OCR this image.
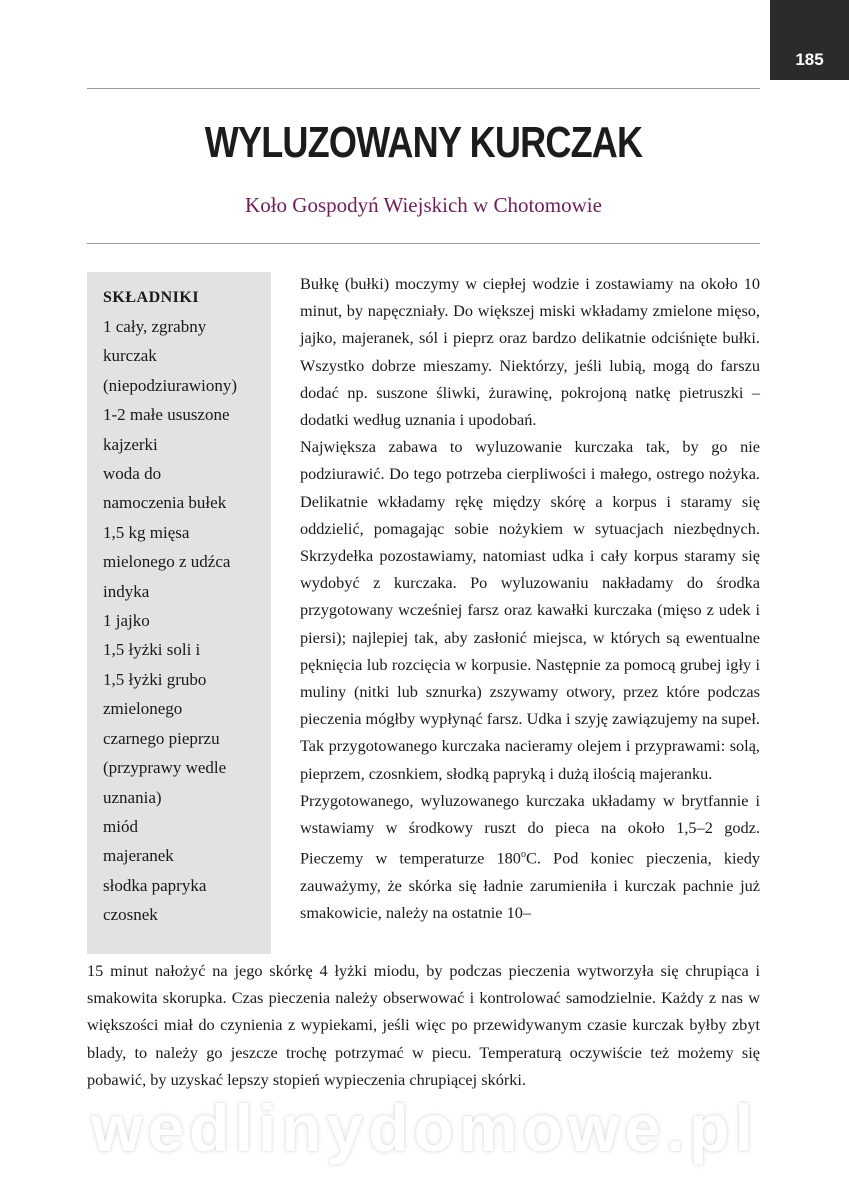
185
WYLUZOWANY KURCZAK
Koło Gospodyń Wiejskich w Chotomowie
SKŁADNIKI
1 cały, zgrabny
kurczak
(niepodziurawiony)
1-2 małe ususzone
kajzerki
woda do
namoczenia bułek
1,5 kg mięsa
mielonego z udźca
indyka
1 jajko
1,5 łyżki soli i
1,5 łyżki grubo
zmielonego
czarnego pieprzu
(przyprawy wedle
uznania)
miód
majeranek
słodka papryka
czosnek

Bułkę (bułki) moczymy w ciepłej wodzie i zostawiamy na około 10 minut, by napęczniały. Do większej miski wkładamy zmielone mięso, jajko, majeranek, sól i pieprz oraz bardzo delikatnie odciśnięte bułki. Wszystko dobrze mieszamy. Niektórzy, jeśli lubią, mogą do farszu dodać np. suszone śliwki, żurawinę, pokrojoną natkę pietruszki – dodatki według uznania i upodobań.

Największa zabawa to wyluzowanie kurczaka tak, by go nie podziurawić. Do tego potrzeba cierpliwości i małego, ostrego nożyka. Delikatnie wkładamy rękę między skórę a korpus i staramy się oddzielić, pomagając sobie nożykiem w sytuacjach niezbędnych. Skrzydełka pozostawiamy, natomiast udka i cały korpus staramy się wydobyć z kurczaka. Po wyluzowaniu nakładamy do środka przygotowany wcześniej farsz oraz kawałki kurczaka (mięso z udek i piersi); najlepiej tak, aby zasłonić miejsca, w których są ewentualne pęknięcia lub rozcięcia w korpusie. Następnie za pomocą grubej igły i muliny (nitki lub sznurka) zszywamy otwory, przez które podczas pieczenia mógłby wypłynąć farsz. Udka i szyję zawiązujemy na supeł. Tak przygotowanego kurczaka nacieramy olejem i przyprawami: solą, pieprzem, czosnkiem, słodką papryką i dużą ilością majeranku.

Przygotowanego, wyluzowanego kurczaka układamy w brytfannie i wstawiamy w środkowy ruszt do pieca na około 1,5–2 godz. Pieczemy w temperaturze 180$^o$C. Pod koniec pieczenia, kiedy zauważymy, że skórka się ładnie zarumieniła i kurczak pachnie już smakowicie, należy na ostatnie 10–

15 minut nałożyć na jego skórkę 4 łyżki miodu, by podczas pieczenia wytworzyła się chrupiąca i smakowita skorupka. Czas pieczenia należy obserwować i kontrolować samodzielnie. Każdy z nas w większości miał do czynienia z wypiekami, jeśli więc po przewidywanym czasie kurczak byłby zbyt blady, to należy go jeszcze trochę potrzymać w piecu. Temperaturą oczywiście też możemy się pobawić, by uzyskać lepszy stopień wypieczenia chrupiącej skórki.

wedlinydomowe.pl
